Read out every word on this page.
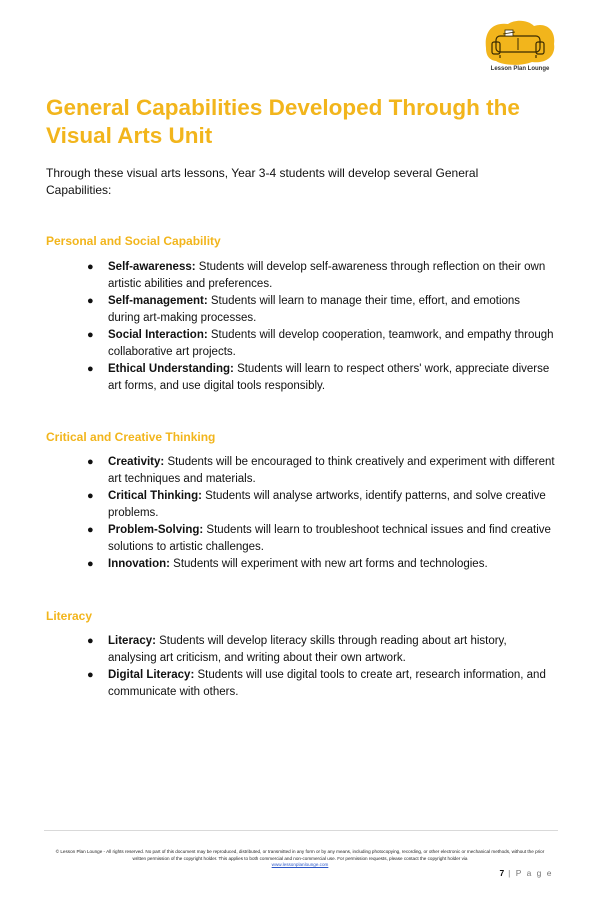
Lesson Plan Lounge
General Capabilities Developed Through the Visual Arts Unit

Through these visual arts lessons, Year 3-4 students will develop several General Capabilities:

Personal and Social Capability
● Self-awareness: Students will develop self-awareness through reflection on their own artistic abilities and preferences.
● Self-management: Students will learn to manage their time, effort, and emotions during art-making processes.
● Social Interaction: Students will develop cooperation, teamwork, and empathy through collaborative art projects.
● Ethical Understanding: Students will learn to respect others' work, appreciate diverse art forms, and use digital tools responsibly.
Critical and Creative Thinking
● Creativity: Students will be encouraged to think creatively and experiment with different art techniques and materials.
● Critical Thinking: Students will analyse artworks, identify patterns, and solve creative problems.
● Problem-Solving: Students will learn to troubleshoot technical issues and find creative solutions to artistic challenges.
● Innovation: Students will experiment with new art forms and technologies.
Literacy
● Literacy: Students will develop literacy skills through reading about art history, analysing art criticism, and writing about their own artwork.
● Digital Literacy: Students will use digital tools to create art, research information, and communicate with others.
© Lesson Plan Lounge - All rights reserved. No part of this document may be reproduced, distributed, or transmitted in any form or by any means, including photocopying, recording, or other electronic or mechanical methods, without the prior written permission of the copyright holder. This applies to both commercial and non-commercial use. For permission requests, please contact the copyright holder via
www.lessonplanlounge.com
7 | P a g e
